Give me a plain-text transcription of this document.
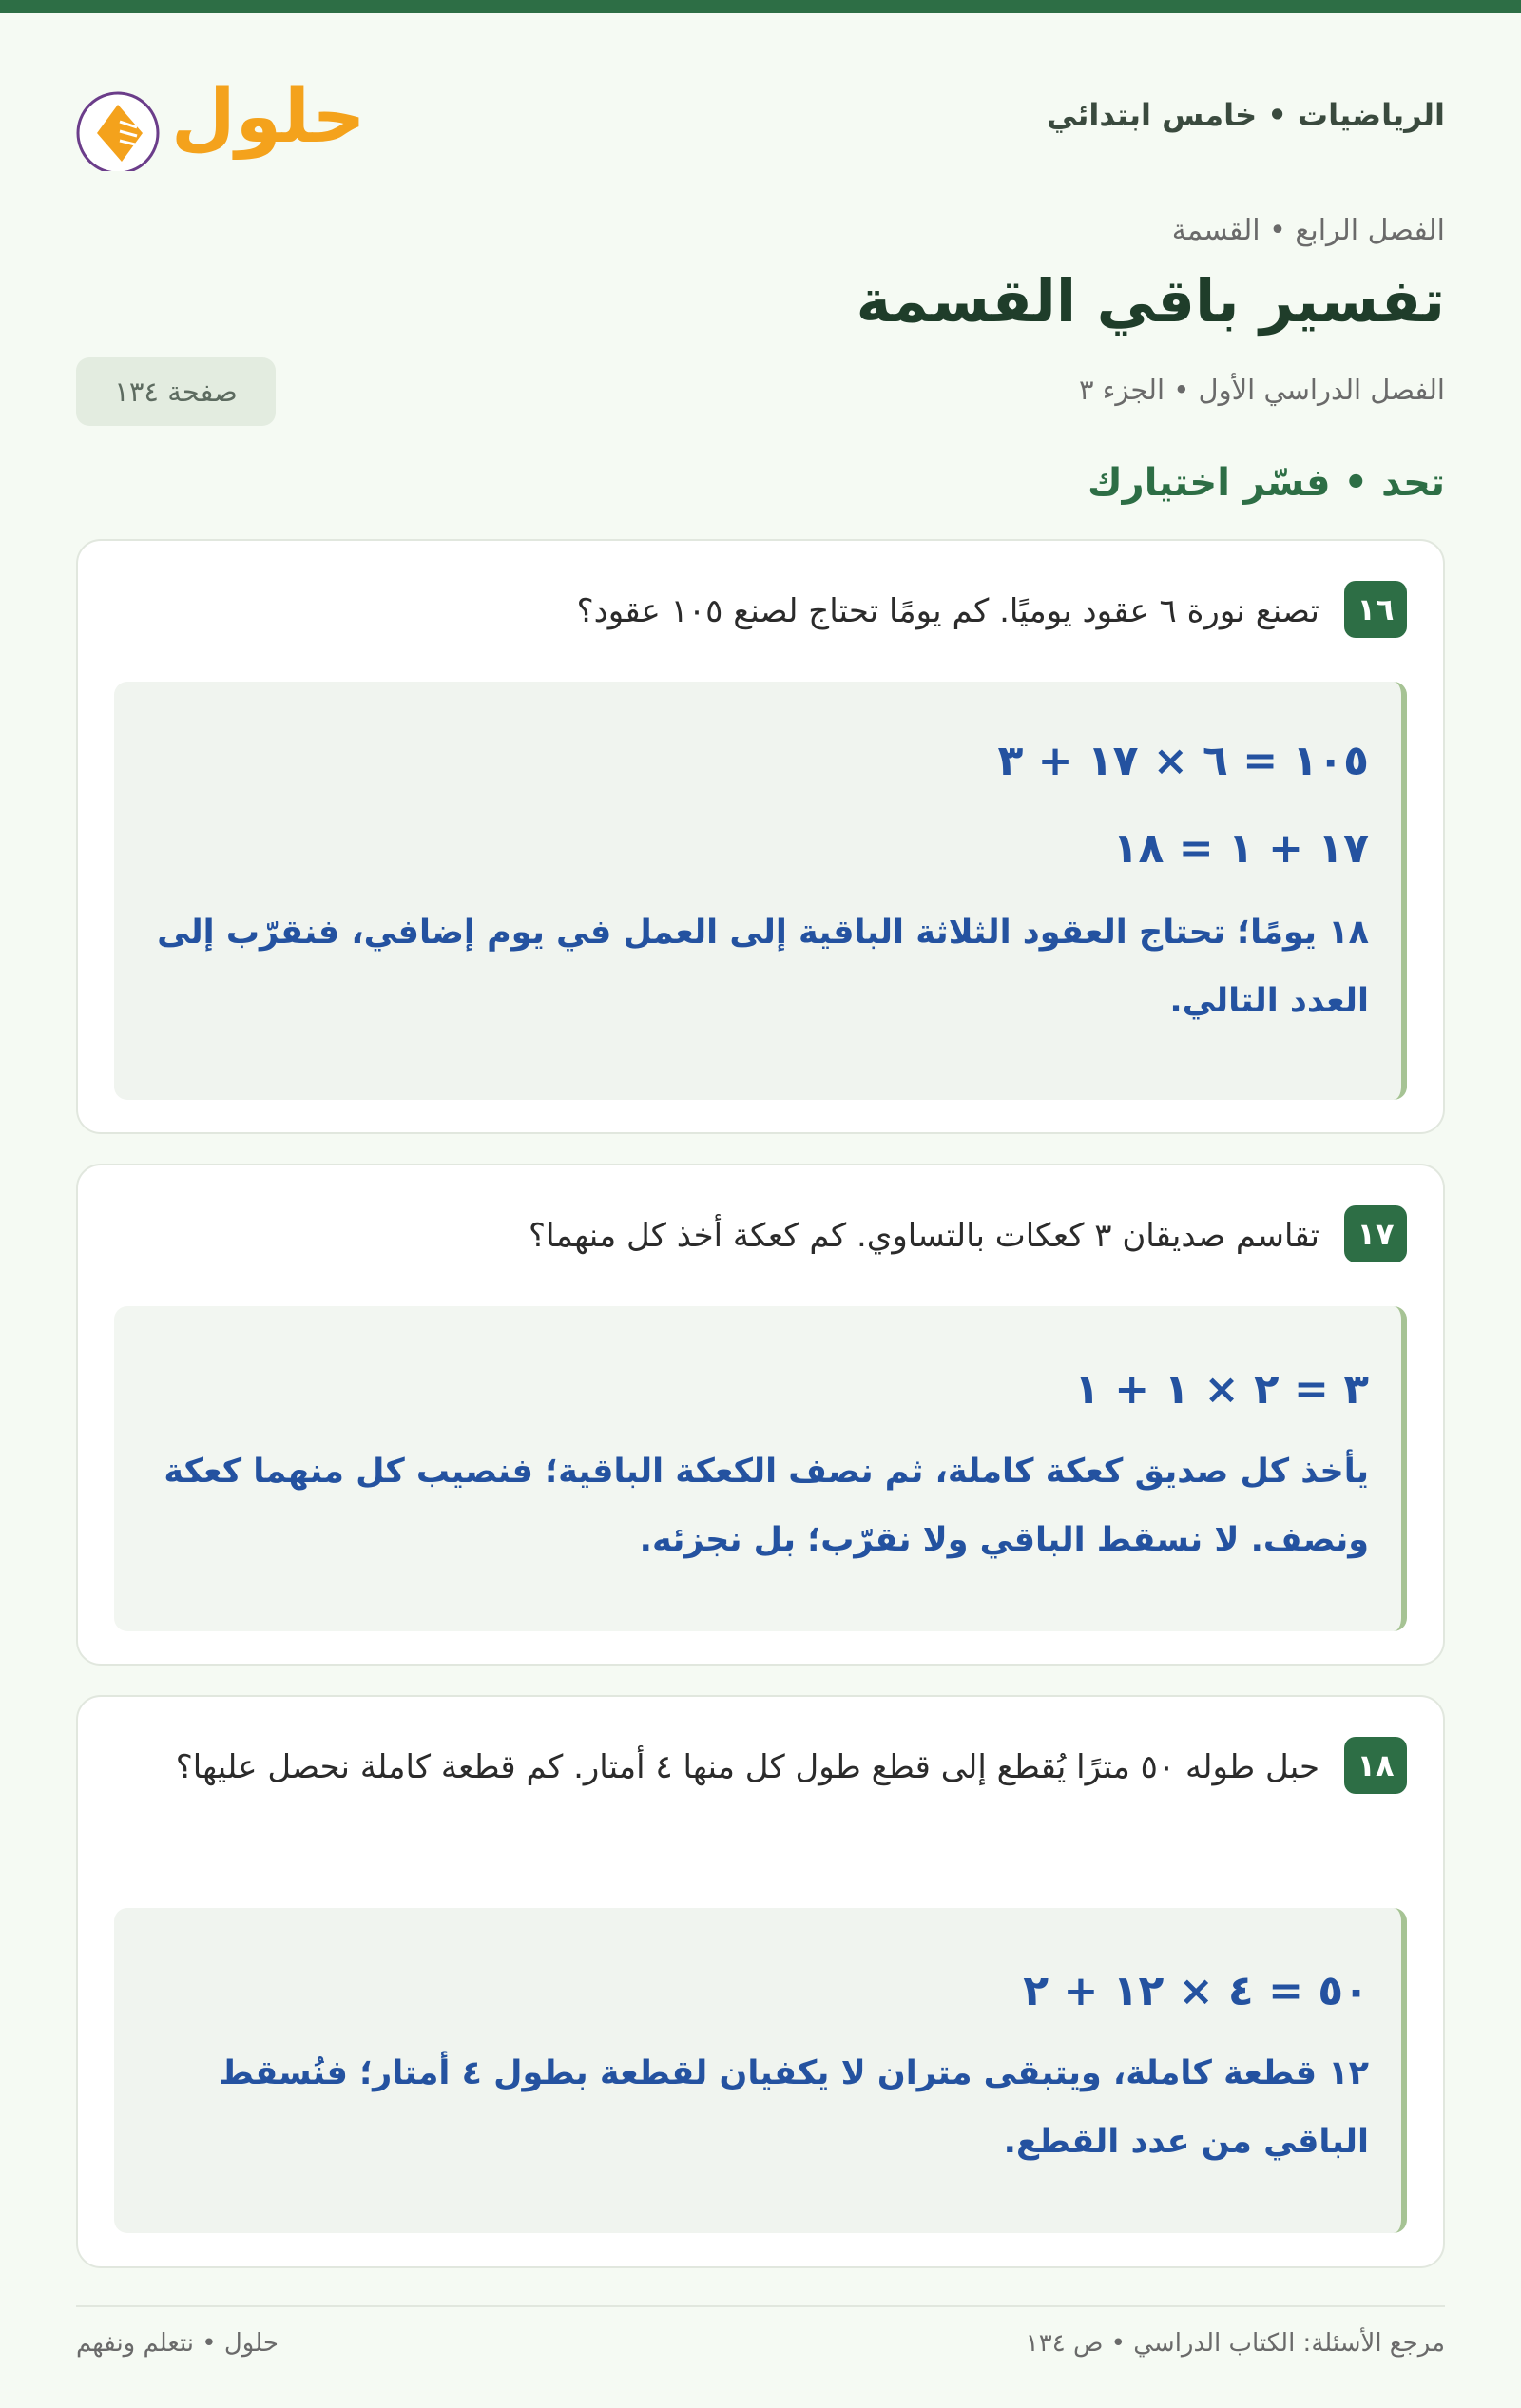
الرياضيات • خامس ابتدائي
حلول
الفصل الرابع • القسمة
تفسير باقي القسمة
الفصل الدراسي الأول • الجزء ٣
صفحة ١٣٤
تحد • فسّر اختيارك
١٦
تصنع نورة ٦ عقود يوميًا. كم يومًا تحتاج لصنع ١٠٥ عقود؟
١٠٥ = ٦ × ١٧ + ٣
١٧ + ١ = ١٨
١٨ يومًا؛ تحتاج العقود الثلاثة الباقية إلى العمل في يوم إضافي، فنقرّب إلى العدد التالي.
١٧
تقاسم صديقان ٣ كعكات بالتساوي. كم كعكة أخذ كل منهما؟
٣ = ٢ × ١ + ١
يأخذ كل صديق كعكة كاملة، ثم نصف الكعكة الباقية؛ فنصيب كل منهما كعكة ونصف. لا نسقط الباقي ولا نقرّب؛ بل نجزئه.
١٨
حبل طوله ٥٠ مترًا يُقطع إلى قطع طول كل منها ٤ أمتار. كم قطعة كاملة نحصل عليها؟
٥٠ = ٤ × ١٢ + ٢
١٢ قطعة كاملة، ويتبقى متران لا يكفيان لقطعة بطول ٤ أمتار؛ فنُسقط الباقي من عدد القطع.
مرجع الأسئلة: الكتاب الدراسي • ص ١٣٤
حلول • نتعلم ونفهم
